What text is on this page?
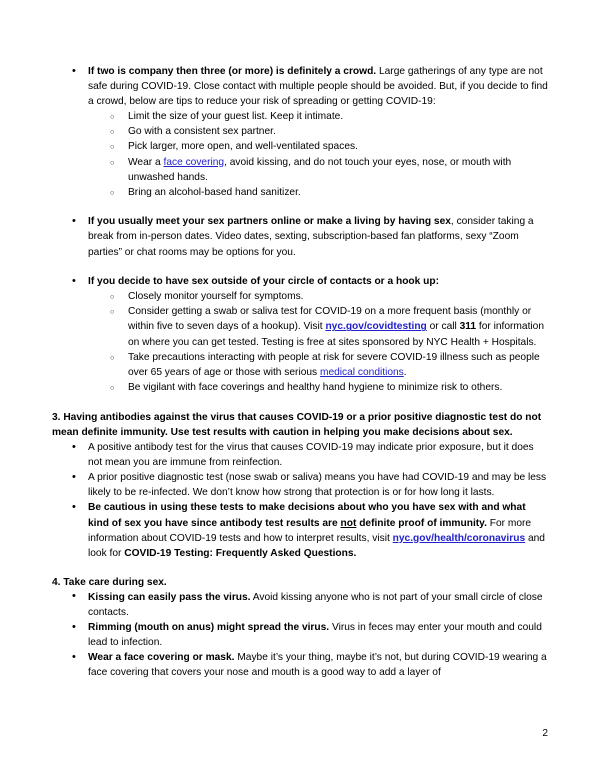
• If two is company then three (or more) is definitely a crowd. Large gatherings of any type are not safe during COVID-19. Close contact with multiple people should be avoided. But, if you decide to find a crowd, below are tips to reduce your risk of spreading or getting COVID-19:
○ Limit the size of your guest list. Keep it intimate.
○ Go with a consistent sex partner.
○ Pick larger, more open, and well-ventilated spaces.
○ Wear a face covering, avoid kissing, and do not touch your eyes, nose, or mouth with unwashed hands.
○ Bring an alcohol-based hand sanitizer.
• If you usually meet your sex partners online or make a living by having sex, consider taking a break from in-person dates. Video dates, sexting, subscription-based fan platforms, sexy “Zoom parties” or chat rooms may be options for you.
• If you decide to have sex outside of your circle of contacts or a hook up:
○ Closely monitor yourself for symptoms.
○ Consider getting a swab or saliva test for COVID-19 on a more frequent basis (monthly or within five to seven days of a hookup). Visit nyc.gov/covidtesting or call 311 for information on where you can get tested. Testing is free at sites sponsored by NYC Health + Hospitals.
○ Take precautions interacting with people at risk for severe COVID-19 illness such as people over 65 years of age or those with serious medical conditions.
○ Be vigilant with face coverings and healthy hand hygiene to minimize risk to others.

3. Having antibodies against the virus that causes COVID-19 or a prior positive diagnostic test do not mean definite immunity. Use test results with caution in helping you make decisions about sex.

• A positive antibody test for the virus that causes COVID-19 may indicate prior exposure, but it does not mean you are immune from reinfection.
• A prior positive diagnostic test (nose swab or saliva) means you have had COVID-19 and may be less likely to be re-infected. We don’t know how strong that protection is or for how long it lasts.
• Be cautious in using these tests to make decisions about who you have sex with and what kind of sex you have since antibody test results are not definite proof of immunity. For more information about COVID-19 tests and how to interpret results, visit nyc.gov/health/coronavirus and look for COVID-19 Testing: Frequently Asked Questions.

4. Take care during sex.

• Kissing can easily pass the virus. Avoid kissing anyone who is not part of your small circle of close contacts.
• Rimming (mouth on anus) might spread the virus. Virus in feces may enter your mouth and could lead to infection.
• Wear a face covering or mask. Maybe it’s your thing, maybe it’s not, but during COVID-19 wearing a face covering that covers your nose and mouth is a good way to add a layer of
2
